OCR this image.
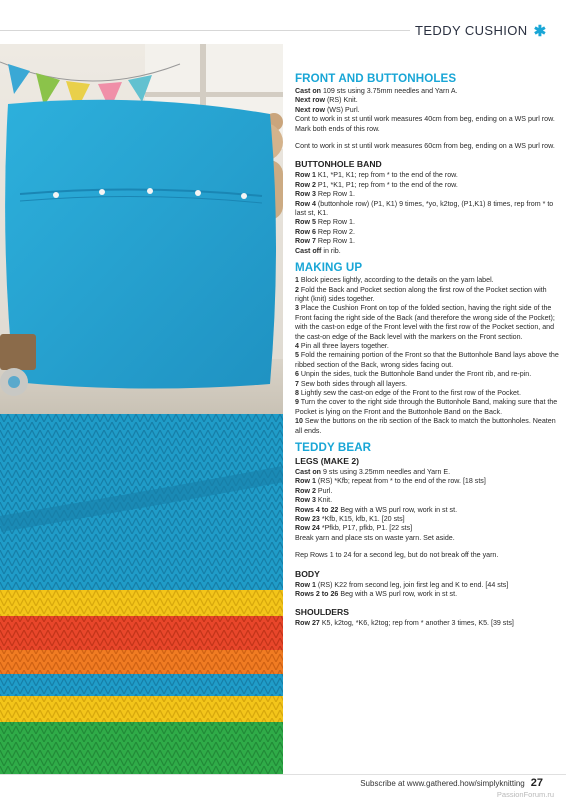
TEDDY CUSHION ✱
FRONT AND BUTTONHOLES

Cast on 109 sts using 3.75mm needles and Yarn A.

Next row (RS) Knit.

Next row (WS) Purl.

Cont to work in st st until work measures 40cm from beg, ending on a WS purl row. Mark both ends of this row.

Cont to work in st st until work measures 60cm from beg, ending on a WS purl row.

BUTTONHOLE BAND

Row 1 K1, *P1, K1; rep from * to the end of the row.

Row 2 P1, *K1, P1; rep from * to the end of the row.

Row 3 Rep Row 1.

Row 4 (buttonhole row) (P1, K1) 9 times, *yo, k2tog, (P1,K1) 8 times, rep from * to last st, K1.

Row 5 Rep Row 1.

Row 6 Rep Row 2.

Row 7 Rep Row 1.

Cast off in rib.

MAKING UP

1 Block pieces lightly, according to the details on the yarn label.

2 Fold the Back and Pocket section along the first row of the Pocket section with right (knit) sides together.

3 Place the Cushion Front on top of the folded section, having the right side of the Front facing the right side of the Back (and therefore the wrong side of the Pocket); with the cast-on edge of the Front level with the first row of the Pocket section, and the cast-on edge of the Back level with the markers on the Front section.

4 Pin all three layers together.

5 Fold the remaining portion of the Front so that the Buttonhole Band lays above the ribbed section of the Back, wrong sides facing out.

6 Unpin the sides, tuck the Buttonhole Band under the Front rib, and re-pin.

7 Sew both sides through all layers.

8 Lightly sew the cast-on edge of the Front to the first row of the Pocket.

9 Turn the cover to the right side through the Buttonhole Band, making sure that the Pocket is lying on the Front and the Buttonhole Band on the Back.

10 Sew the buttons on the rib section of the Back to match the buttonholes. Neaten all ends.

TEDDY BEAR
LEGS (MAKE 2)

Cast on 9 sts using 3.25mm needles and Yarn E.

Row 1 (RS) *Kfb; repeat from * to the end of the row. [18 sts]

Row 2 Purl.

Row 3 Knit.

Rows 4 to 22 Beg with a WS purl row, work in st st.

Row 23 *Kfb, K15, kfb, K1. [20 sts]

Row 24 *Pfkb, P17, pfkb, P1. [22 sts]

Break yarn and place sts on waste yarn. Set aside.

Rep Rows 1 to 24 for a second leg, but do not break off the yarn.

BODY

Row 1 (RS) K22 from second leg, join first leg and K to end. [44 sts]

Rows 2 to 26 Beg with a WS purl row, work in st st.

SHOULDERS

Row 27 K5, k2tog, *K6, k2tog; rep from * another 3 times, K5. [39 sts]

Subscribe at www.gathered.how/simplyknitting 27
PassionForum.ru
